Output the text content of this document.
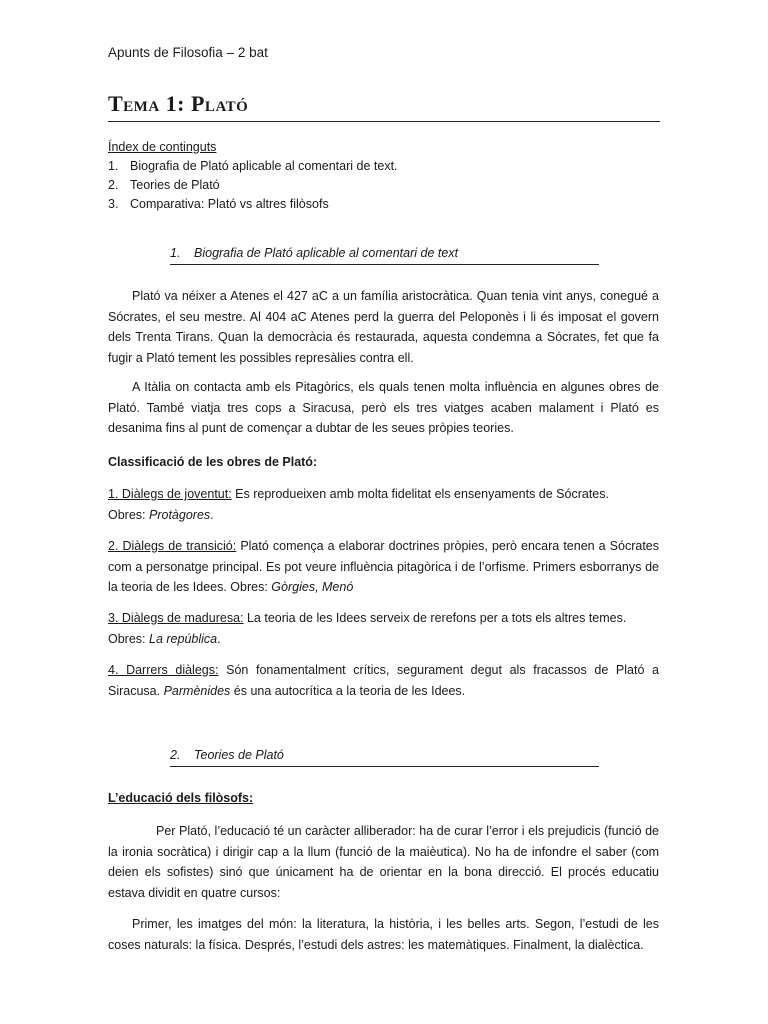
Apunts de Filosofia – 2 bat
Tema 1: Plató
Índex de continguts
1. Biografia de Plató aplicable al comentari de text.
2. Teories de Plató
3. Comparativa: Plató vs altres filòsofs
1. Biografia de Plató aplicable al comentari de text
Plató va néixer a Atenes el 427 aC a un família aristocràtica. Quan tenia vint anys, conegué a Sócrates, el seu mestre. Al 404 aC Atenes perd la guerra del Peloponès i li és imposat el govern dels Trenta Tirans. Quan la democràcia és restaurada, aquesta condemna a Sócrates, fet que fa fugir a Plató tement les possibles represàlies contra ell.
A Itàlia on contacta amb els Pitagòrics, els quals tenen molta influència en algunes obres de Plató. També viatja tres cops a Siracusa, però els tres viatges acaben malament i Plató es desanima fins al punt de començar a dubtar de les seues pròpies teories.
Classificació de les obres de Plató:
1. Diàlegs de joventut: Es reprodueixen amb molta fidelitat els ensenyaments de Sócrates.
Obres: Protàgores.
2. Diàlegs de transició: Plató comença a elaborar doctrines pròpies, però encara tenen a Sócrates com a personatge principal. Es pot veure influència pitagòrica i de l’orfisme. Primers esborranys de la teoria de les Idees. Obres: Gòrgies, Menó
3. Diàlegs de maduresa: La teoria de les Idees serveix de rerefons per a tots els altres temes.
Obres: La república.
4. Darrers diàlegs: Són fonamentalment crítics, segurament degut als fracassos de Plató a Siracusa. Parmènides és una autocrítica a la teoria de les Idees.
2. Teories de Plató
L’educació dels filòsofs:
Per Plató, l’educació té un caràcter alliberador: ha de curar l’error i els prejudicis (funció de la ironia socràtica) i dirigir cap a la llum (funció de la maièutica). No ha de infondre el saber (com deien els sofistes) sinó que únicament ha de orientar en la bona direcció. El procés educatiu estava dividit en quatre cursos:
Primer, les imatges del món: la literatura, la història, i les belles arts. Segon, l’estudi de les coses naturals: la física. Després, l’estudi dels astres: les matemàtiques. Finalment, la dialèctica.
